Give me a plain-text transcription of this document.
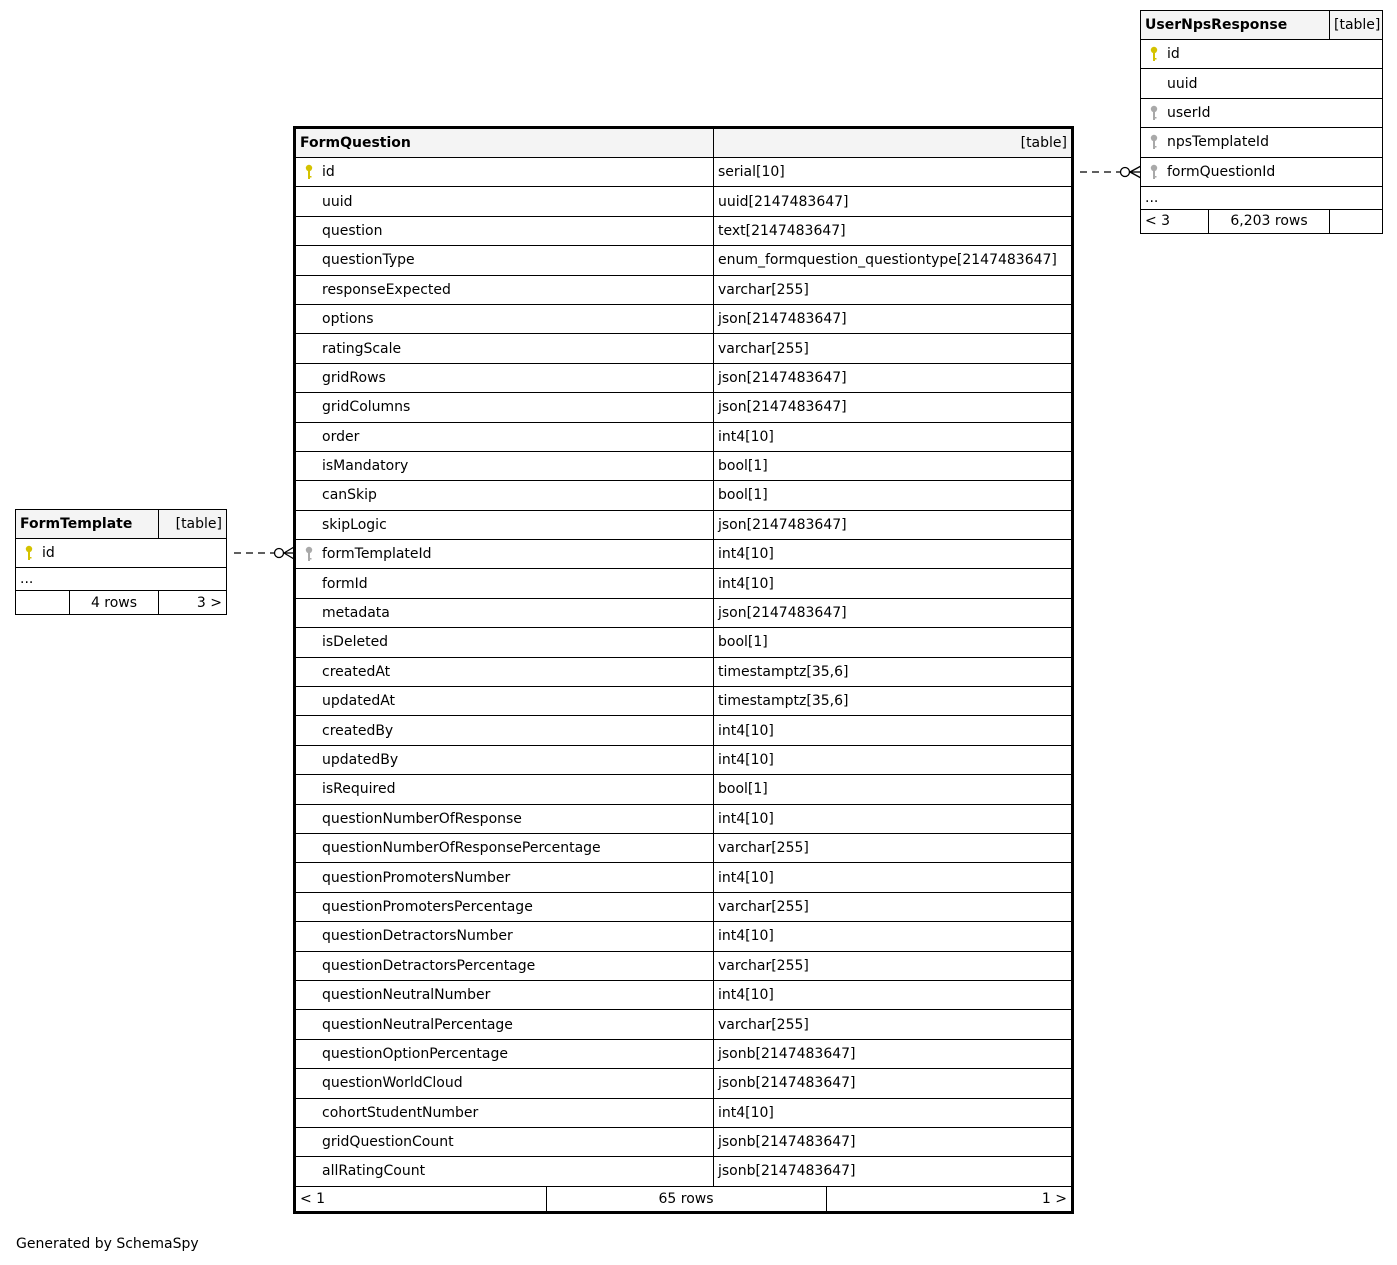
FormQuestion	[table]

id	serial[10]
uuid	uuid[2147483647]
question	text[2147483647]
questionType	enum_formquestion_questiontype[2147483647]
responseExpected	varchar[255]
options	json[2147483647]
ratingScale	varchar[255]
gridRows	json[2147483647]
gridColumns	json[2147483647]
order	int4[10]
isMandatory	bool[1]
canSkip	bool[1]
skipLogic	json[2147483647]

formTemplateId	int4[10]
formId	int4[10]
metadata	json[2147483647]
isDeleted	bool[1]
createdAt	timestamptz[35,6]
updatedAt	timestamptz[35,6]
createdBy	int4[10]
updatedBy	int4[10]
isRequired	bool[1]
questionNumberOfResponse	int4[10]
questionNumberOfResponsePercentage	varchar[255]
questionPromotersNumber	int4[10]
questionPromotersPercentage	varchar[255]
questionDetractorsNumber	int4[10]
questionDetractorsPercentage	varchar[255]
questionNeutralNumber	int4[10]
questionNeutralPercentage	varchar[255]
questionOptionPercentage	jsonb[2147483647]
questionWorldCloud	jsonb[2147483647]
cohortStudentNumber	int4[10]
gridQuestionCount	jsonb[2147483647]
allRatingCount	jsonb[2147483647]

< 1	65 rows	1 >
FormTemplate		[table]

id		
...		
	4 rows	3 >
UserNpsResponse		[table]

id		
uuid		

userId		

npsTemplateId		

formQuestionId		
...		
< 3	6,203 rows	
Generated by SchemaSpy
